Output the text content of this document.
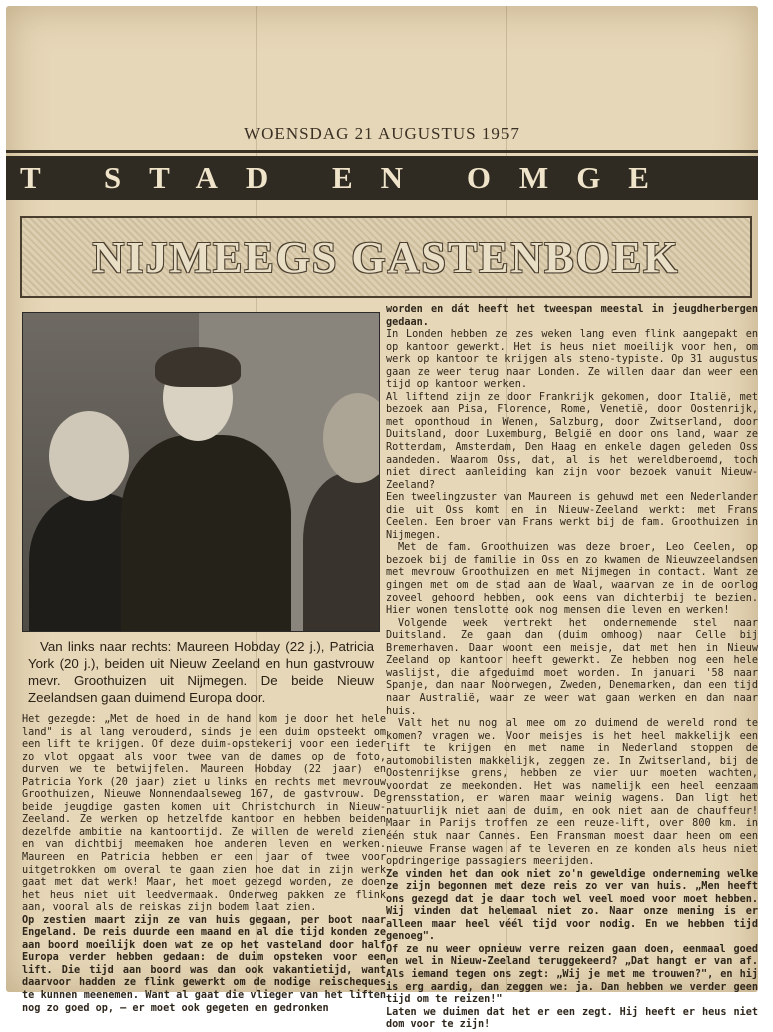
WOENSDAG 21 AUGUSTUS 1957
T STAD EN OMGE
NIJMEEGS GASTENBOEK
Van links naar rechts: Maureen Hobday (22 j.), Patricia York (20 j.), beiden uit Nieuw Zeeland en hun gastvrouw mevr. Groothuizen uit Nijmegen. De beide Nieuw Zeelandsen gaan duimend Europa door.

Het gezegde: „Met de hoed in de hand kom je door het hele land" is al lang verouderd, sinds je een duim opsteekt om een lift te krijgen. Of deze duim-opstekerij voor een ieder zo vlot opgaat als voor twee van de dames op de foto, durven we te betwijfelen. Maureen Hobday (22 jaar) en Patricia York (20 jaar) ziet u links en rechts met mevrouw Groothuizen, Nieuwe Nonnendaalseweg 167, de gastvrouw. De beide jeugdige gasten komen uit Christchurch in Nieuw-Zeeland. Ze werken op hetzelfde kantoor en hebben beiden dezelfde ambitie na kantoortijd. Ze willen de wereld zien en van dichtbij meemaken hoe anderen leven en werken. Maureen en Patricia hebben er een jaar of twee voor uitgetrokken om overal te gaan zien hoe dat in zijn werk gaat met dat werk! Maar, het moet gezegd worden, ze doen het heus niet uit leedvermaak. Onderweg pakken ze flink aan, vooral als de reiskas zijn bodem laat zien.

Op zestien maart zijn ze van huis gegaan, per boot naar Engeland. De reis duurde een maand en al die tijd konden ze aan boord moeilijk doen wat ze op het vasteland door half Europa verder hebben gedaan: de duim opsteken voor een lift. Die tijd aan boord was dan ook vakantietijd, want daarvoor hadden ze flink gewerkt om de nodige reischeques te kunnen meenemen. Want al gaat die vlieger van het liften nog zo goed op, — er moet ook gegeten en gedronken

worden en dát heeft het tweespan meestal in jeugdherbergen gedaan.

In Londen hebben ze zes weken lang even flink aangepakt en op kantoor gewerkt. Het is heus niet moeilijk voor hen, om werk op kantoor te krijgen als steno-typiste. Op 31 augustus gaan ze weer terug naar Londen. Ze willen daar dan weer een tijd op kantoor werken.

Al liftend zijn ze door Frankrijk gekomen, door Italië, met bezoek aan Pisa, Florence, Rome, Venetië, door Oostenrijk, met oponthoud in Wenen, Salzburg, door Zwitserland, door Duitsland, door Luxemburg, België en door ons land, waar ze Rotterdam, Amsterdam, Den Haag en enkele dagen geleden Oss aandeden. Waarom Oss, dat, al is het wereldberoemd, toch niet direct aanleiding kan zijn voor bezoek vanuit Nieuw-Zeeland?

Een tweelingzuster van Maureen is gehuwd met een Nederlander die uit Oss komt en in Nieuw-Zeeland werkt: met Frans Ceelen. Een broer van Frans werkt bij de fam. Groothuizen in Nijmegen.

Met de fam. Groothuizen was deze broer, Leo Ceelen, op bezoek bij de familie in Oss en zo kwamen de Nieuwzeelandsen met mevrouw Groothuizen en met Nijmegen in contact. Want ze gingen met om de stad aan de Waal, waarvan ze in de oorlog zoveel gehoord hebben, ook eens van dichterbij te bezien. Hier wonen tenslotte ook nog mensen die leven en werken!

Volgende week vertrekt het ondernemende stel naar Duitsland. Ze gaan dan (duim omhoog) naar Celle bij Bremerhaven. Daar woont een meisje, dat met hen in Nieuw Zeeland op kantoor heeft gewerkt. Ze hebben nog een hele waslijst, die afgeduimd moet worden. In januari '58 naar Spanje, dan naar Noorwegen, Zweden, Denemarken, dan een tijd naar Australië, waar ze weer wat gaan werken en dan naar huis.

Valt het nu nog al mee om zo duimend de wereld rond te komen? vragen we. Voor meisjes is het heel makkelijk een lift te krijgen en met name in Nederland stoppen de automobilisten makkelijk, zeggen ze. In Zwitserland, bij de Oostenrijkse grens, hebben ze vier uur moeten wachten, voordat ze meekonden. Het was namelijk een heel eenzaam grensstation, er waren maar weinig wagens. Dan ligt het natuurlijk niet aan de duim, en ook niet aan de chauffeur! Maar in Parijs troffen ze een reuze-lift, over 800 km. in één stuk naar Cannes. Een Fransman moest daar heen om een nieuwe Franse wagen af te leveren en ze konden als heus niet opdringerige passagiers meerijden.

Ze vinden het dan ook niet zo'n geweldige onderneming welke ze zijn begonnen met deze reis zo ver van huis. „Men heeft ons gezegd dat je daar toch wel veel moed voor moet hebben. Wij vinden dat helemaal niet zo. Naar onze mening is er alleen maar heel véél tijd voor nodig. En we hebben tijd genoeg".

Of ze nu weer opnieuw verre reizen gaan doen, eenmaal goed en wel in Nieuw-Zeeland teruggekeerd? „Dat hangt er van af. Als iemand tegen ons zegt: „Wij je met me trouwen?", en hij is erg aardig, dan zeggen we: ja. Dan hebben we verder geen tijd om te reizen!"

Laten we duimen dat het er een zegt. Hij heeft er heus niet dom voor te zijn!
